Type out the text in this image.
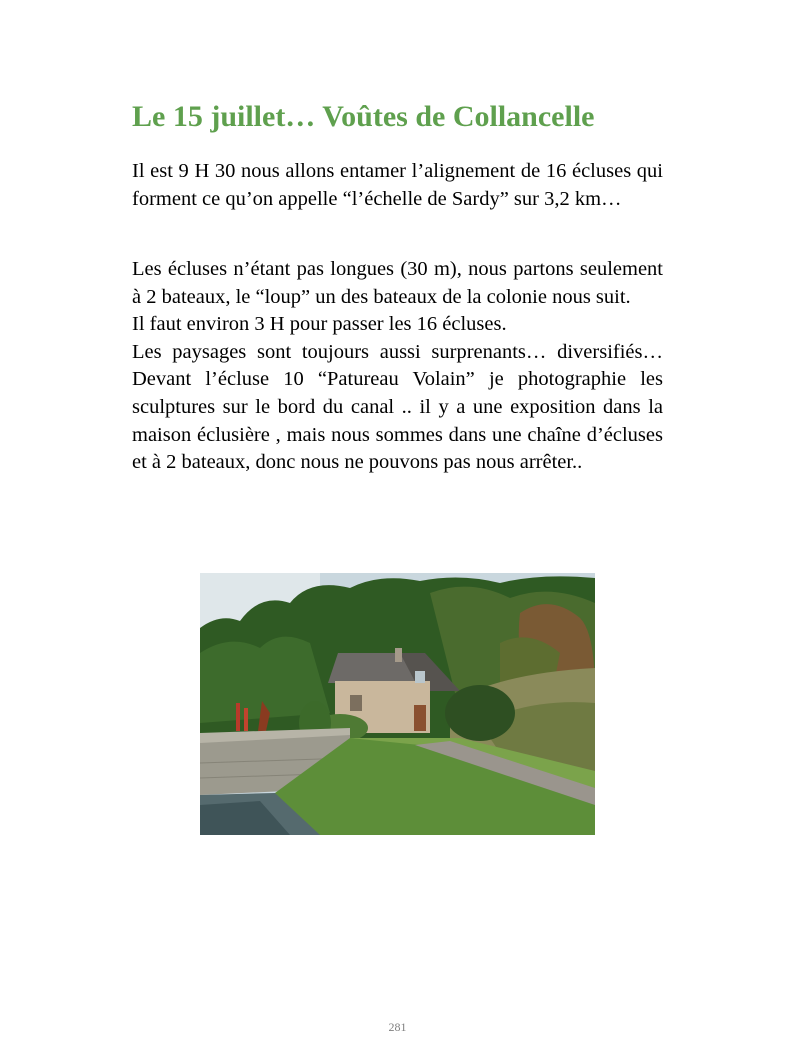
Le 15 juillet… Voûtes de Collancelle

Il est 9 H 30 nous allons entamer l’alignement de 16 écluses qui forment ce qu’on appelle “l’échelle de Sardy” sur 3,2 km…

Les écluses n’étant pas longues (30 m), nous partons seulement à 2 bateaux, le “loup” un des bateaux de la colonie nous suit.
Il faut environ 3 H pour passer les 16 écluses.
Les paysages sont toujours aussi surprenants… diversifiés…
Devant l’écluse 10 “Patureau Volain” je photographie les sculptures sur le bord du canal .. il y a une exposition dans la maison éclusière , mais nous sommes dans une chaîne d’écluses et à 2 bateaux, donc nous ne pouvons pas nous arrêter..
281
